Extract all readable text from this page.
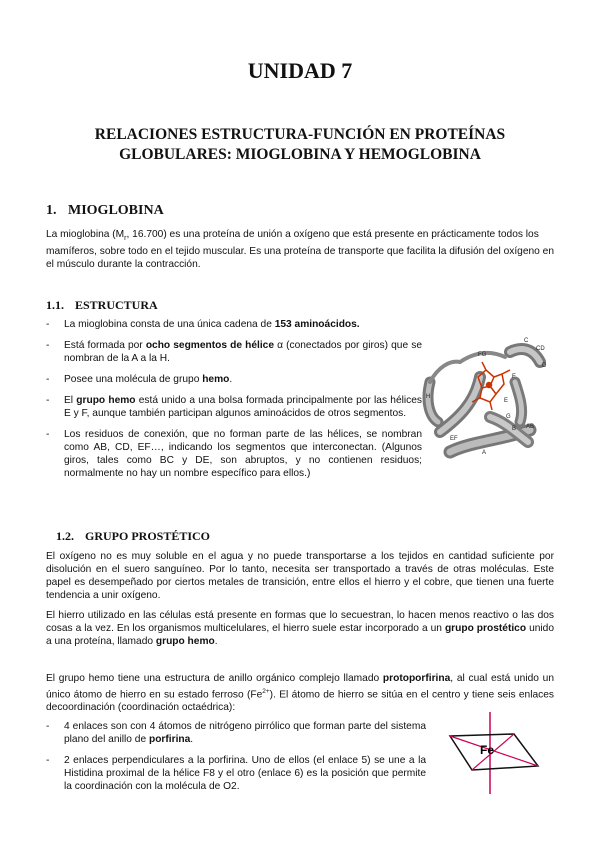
UNIDAD 7
RELACIONES ESTRUCTURA-FUNCIÓN EN PROTEÍNAS
GLOBULARES: MIOGLOBINA Y HEMOGLOBINA
1. MIOGLOBINA
La mioglobina ($M_r$, 16.700) es una proteína de unión a oxígeno que está presente en prácticamente todos los mamíferos, sobre todo en el tejido muscular. Es una proteína de transporte que facilita la difusión del oxígeno en el músculo durante la contracción.
1.1. ESTRUCTURA
- La mioglobina consta de una única cadena de 153 aminoácidos.
- Está formada por ocho segmentos de hélice α (conectados por giros) que se nombran de la A a la H.
- Posee una molécula de grupo hemo.
- El grupo hemo está unido a una bolsa formada principalmente por las hélices E y F, aunque también participan algunos aminoácidos de otros segmentos.
- Los residuos de conexión, que no forman parte de las hélices, se nombran como AB, CD, EF…, indicando los segmentos que interconectan. (Algunos giros, tales como BC y DE, son abruptos, y no contienen residuos; normalmente no hay un nombre específico para ellos.)
C
CD
D
FG
F
E
H
G
B AB
EF
A
1.2. GRUPO PROSTÉTICO
El oxígeno no es muy soluble en el agua y no puede transportarse a los tejidos en cantidad suficiente por disolución en el suero sanguíneo. Por lo tanto, necesita ser transportado a través de otras moléculas. Este papel es desempeñado por ciertos metales de transición, entre ellos el hierro y el cobre, que tienen una fuerte tendencia a unir oxígeno.
El hierro utilizado en las células está presente en formas que lo secuestran, lo hacen menos reactivo o las dos cosas a la vez. En los organismos multicelulares, el hierro suele estar incorporado a un grupo prostético unido a una proteína, llamado grupo hemo.
El grupo hemo tiene una estructura de anillo orgánico complejo llamado protoporfirina, al cual está unido un único átomo de hierro en su estado ferroso $(Fe^{2+})$. El átomo de hierro se sitúa en el centro y tiene seis enlaces decoordinación (coordinación octaédrica):
- 4 enlaces son con 4 átomos de nitrógeno pirrólico que forman parte del sistema plano del anillo de porfirina.
- 2 enlaces perpendiculares a la porfirina. Uno de ellos (el enlace 5) se une a la Histidina proximal de la hélice F8 y el otro (enlace 6) es la posición que permite la coordinación con la molécula de O2.
Fe
